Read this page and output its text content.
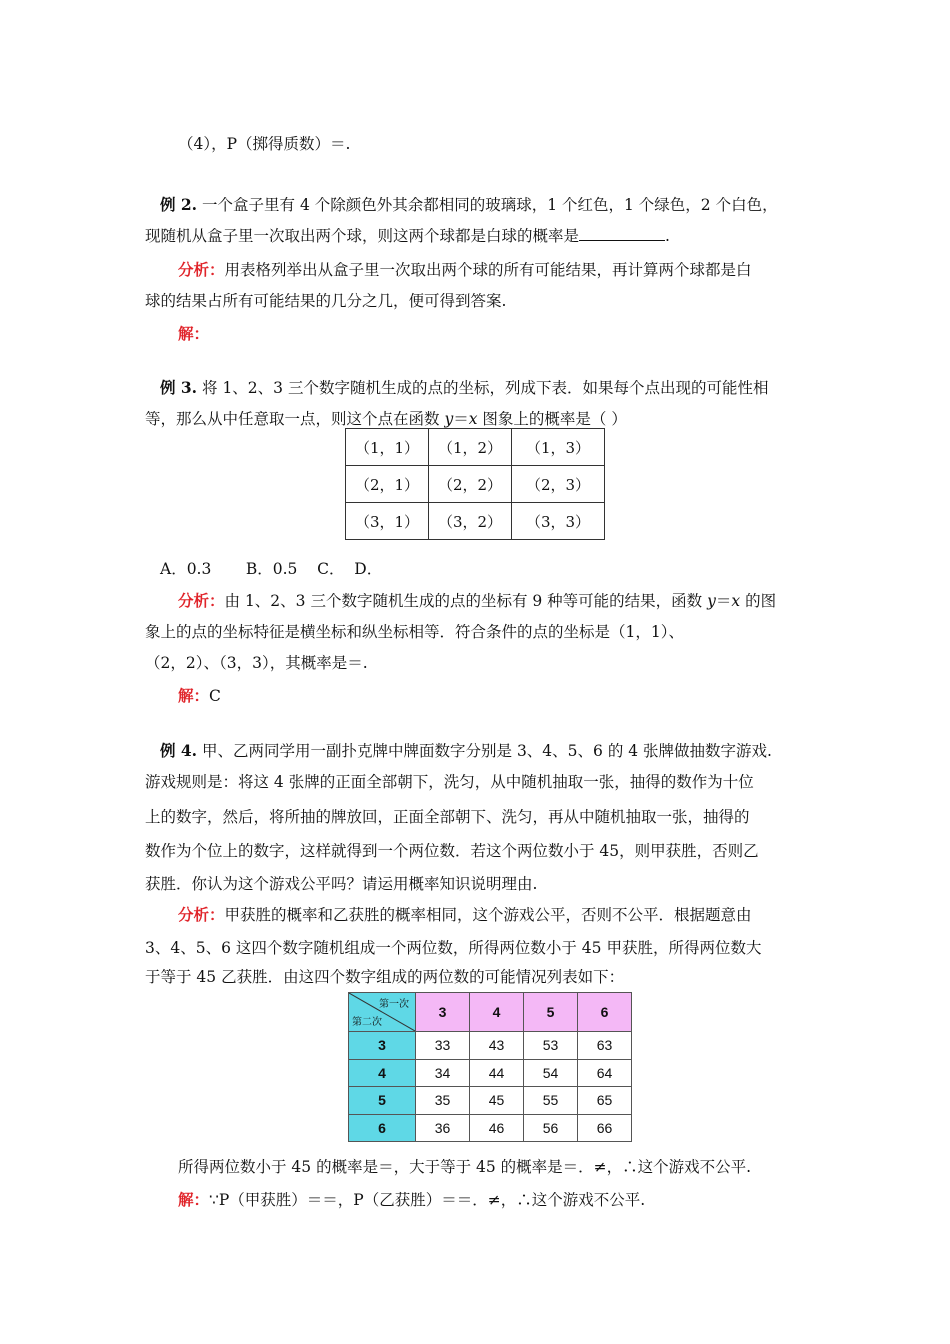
（4），P（掷得质数）＝.
例 2. 一个盒子里有 4 个除颜色外其余都相同的玻璃球，1 个红色，1 个绿色，2 个白色，
现随机从盒子里一次取出两个球，则这两个球都是白球的概率是	.
分析：用表格列举出从盒子里一次取出两个球的所有可能结果，再计算两个球都是白
球的结果占所有可能结果的几分之几，便可得到答案.
解：
例 3. 将 1、2、3 三个数字随机生成的点的坐标，列成下表．如果每个点出现的可能性相
等，那么从中任意取一点，则这个点在函数 y＝x 图象上的概率是（ ）
（1，1）	（1，2）	（1，3）
（2，1）	（2，2）	（2，3）
（3，1）	（3，2）	（3，3）
A．0.3       B．0.5    C．  D．
分析：由 1、2、3 三个数字随机生成的点的坐标有 9 种等可能的结果，函数 y＝x 的图
象上的点的坐标特征是横坐标和纵坐标相等．符合条件的点的坐标是（1，1）、
（2，2）、（3，3），其概率是＝.
解：C
例 4. 甲、乙两同学用一副扑克牌中牌面数字分别是 3、4、5、6 的 4 张牌做抽数字游戏.
游戏规则是：将这 4 张牌的正面全部朝下，洗匀，从中随机抽取一张，抽得的数作为十位
上的数字，然后，将所抽的牌放回，正面全部朝下、洗匀，再从中随机抽取一张，抽得的
数作为个位上的数字，这样就得到一个两位数．若这个两位数小于 45，则甲获胜，否则乙
获胜．你认为这个游戏公平吗？请运用概率知识说明理由.
分析：甲获胜的概率和乙获胜的概率相同，这个游戏公平，否则不公平．根据题意由
3、4、5、6 这四个数字随机组成一个两位数，所得两位数小于 45 甲获胜，所得两位数大
于等于 45 乙获胜．由这四个数字组成的两位数的可能情况列表如下：
第一次
第二次	3	4	5	6
3	33	43	53	63
4	34	44	54	64
5	35	45	55	65
6	36	46	56	66
所得两位数小于 45 的概率是＝，大于等于 45 的概率是＝．≠，∴这个游戏不公平.
解：∵P（甲获胜）＝＝，P（乙获胜）＝＝．≠，∴这个游戏不公平.
